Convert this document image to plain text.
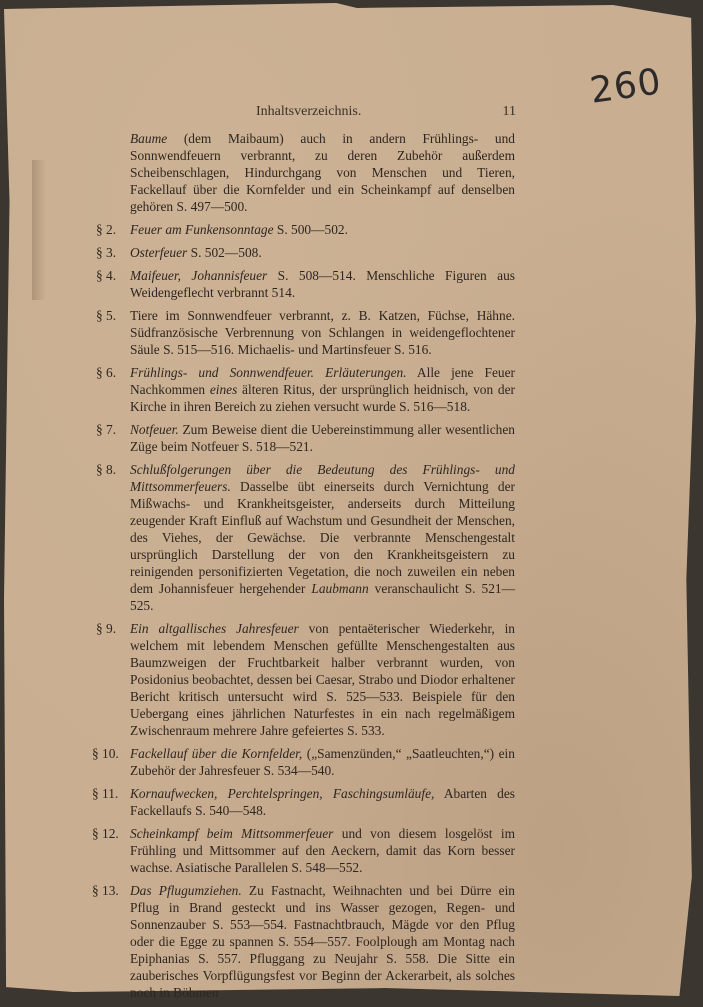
260
Inhaltsverzeichnis.	11

Baume (dem Maibaum) auch in andern Frühlings- und Sonnwendfeuern verbrannt, zu deren Zubehör außerdem Scheibenschlagen, Hindurchgang von Menschen und Tieren, Fackellauf über die Kornfelder und ein Scheinkampf auf denselben gehören S. 497—500.

§ 2. Feuer am Funkensonntage S. 500—502.
§ 3. Osterfeuer S. 502—508.
§ 4. Maifeuer, Johannisfeuer S. 508—514. Menschliche Figuren aus Weidengeflecht verbrannt 514.
§ 5. Tiere im Sonnwendfeuer verbrannt, z. B. Katzen, Füchse, Hähne. Südfranzösische Verbrennung von Schlangen in weidengeflochtener Säule S. 515—516. Michaelis- und Martinsfeuer S. 516.
§ 6. Frühlings- und Sonnwendfeuer. Erläuterungen. Alle jene Feuer Nachkommen eines älteren Ritus, der ursprünglich heidnisch, von der Kirche in ihren Bereich zu ziehen versucht wurde S. 516—518.
§ 7. Notfeuer. Zum Beweise dient die Uebereinstimmung aller wesentlichen Züge beim Notfeuer S. 518—521.
§ 8. Schlußfolgerungen über die Bedeutung des Frühlings- und Mittsommerfeuers. Dasselbe übt einerseits durch Vernichtung der Mißwachs- und Krankheitsgeister, anderseits durch Mitteilung zeugender Kraft Einfluß auf Wachstum und Gesundheit der Menschen, des Viehes, der Gewächse. Die verbrannte Menschengestalt ursprünglich Darstellung der von den Krankheitsgeistern zu reinigenden personifizierten Vegetation, die noch zuweilen ein neben dem Johannisfeuer hergehender Laubmann veranschaulicht S. 521—525.
§ 9. Ein altgallisches Jahresfeuer von pentaëterischer Wiederkehr, in welchem mit lebendem Menschen gefüllte Menschengestalten aus Baumzweigen der Fruchtbarkeit halber verbrannt wurden, von Posidonius beobachtet, dessen bei Caesar, Strabo und Diodor erhaltener Bericht kritisch untersucht wird S. 525—533. Beispiele für den Uebergang eines jährlichen Naturfestes in ein nach regelmäßigem Zwischenraum mehrere Jahre gefeiertes S. 533.
§ 10. Fackellauf über die Kornfelder, („Samenzünden,“ „Saatleuchten,“) ein Zubehör der Jahresfeuer S. 534—540.
§ 11. Kornaufwecken, Perchtelspringen, Faschingsumläufe, Abarten des Fackellaufs S. 540—548.
§ 12. Scheinkampf beim Mittsommerfeuer und von diesem losgelöst im Frühling und Mittsommer auf den Aeckern, damit das Korn besser wachse. Asiatische Parallelen S. 548—552.
§ 13. Das Pflugumziehen. Zu Fastnacht, Weihnachten und bei Dürre ein Pflug in Brand gesteckt und ins Wasser gezogen, Regen- und Sonnenzauber S. 553—554. Fastnachtbrauch, Mägde vor den Pflug oder die Egge zu spannen S. 554—557. Foolplough am Montag nach Epiphanias S. 557. Pfluggang zu Neujahr S. 558. Die Sitte ein zauberisches Vorpflügungsfest vor Beginn der Ackerarbeit, als solches noch in Böhmen
